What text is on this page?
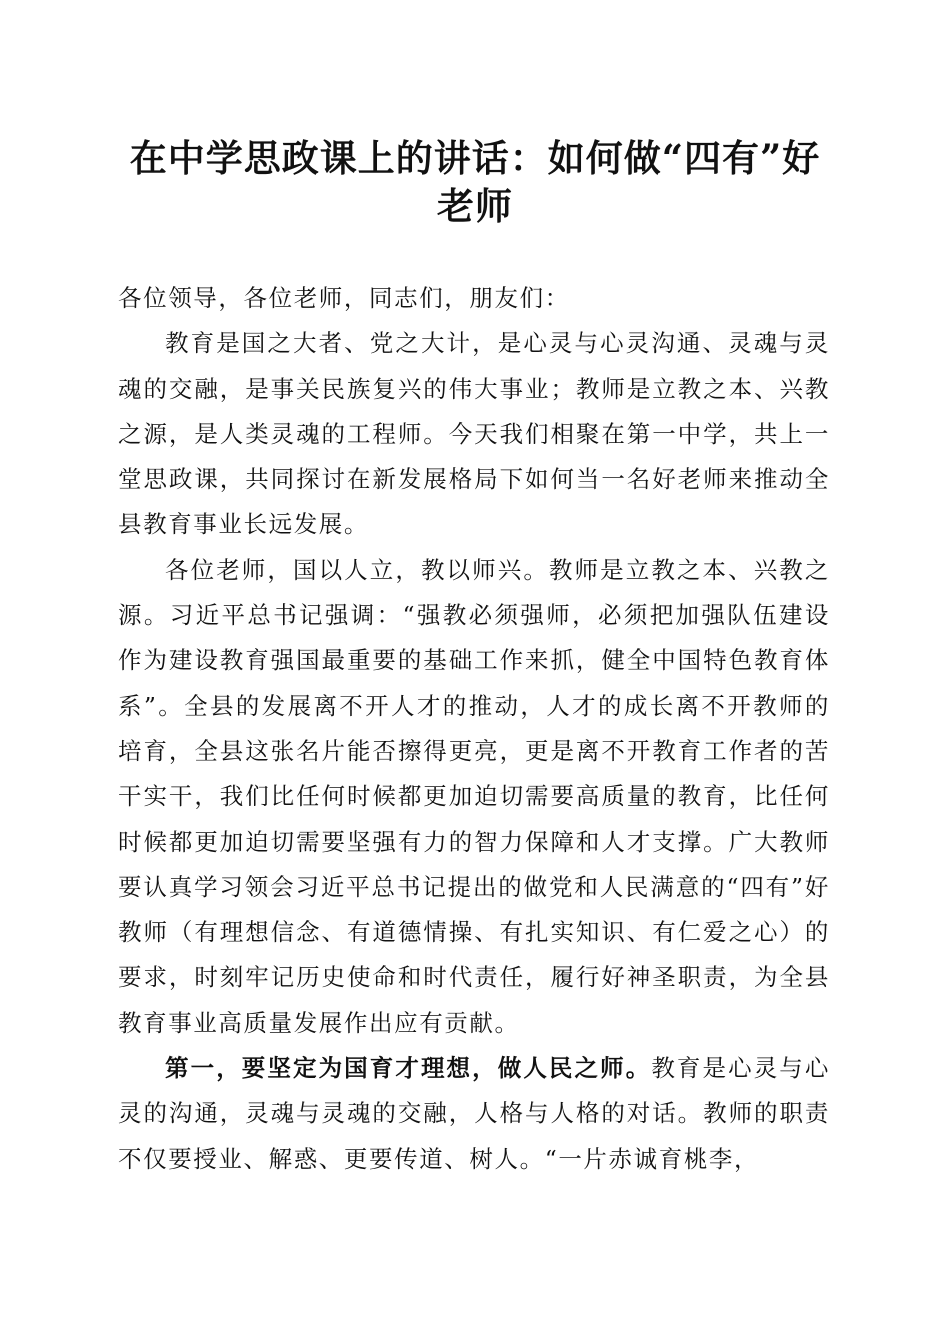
在中学思政课上的讲话：如何做“四有”好老师

各位领导，各位老师，同志们，朋友们：

教育是国之大者、党之大计，是心灵与心灵沟通、灵魂与灵魂的交融，是事关民族复兴的伟大事业；教师是立教之本、兴教之源，是人类灵魂的工程师。今天我们相聚在第一中学，共上一堂思政课，共同探讨在新发展格局下如何当一名好老师来推动全县教育事业长远发展。

各位老师，国以人立，教以师兴。教师是立教之本、兴教之源。习近平总书记强调：“强教必须强师，必须把加强队伍建设作为建设教育强国最重要的基础工作来抓，健全中国特色教育体系”。全县的发展离不开人才的推动，人才的成长离不开教师的培育，全县这张名片能否擦得更亮，更是离不开教育工作者的苦干实干，我们比任何时候都更加迫切需要高质量的教育，比任何时候都更加迫切需要坚强有力的智力保障和人才支撑。广大教师要认真学习领会习近平总书记提出的做党和人民满意的“四有”好教师（有理想信念、有道德情操、有扎实知识、有仁爱之心）的要求，时刻牢记历史使命和时代责任，履行好神圣职责，为全县教育事业高质量发展作出应有贡献。

第一，要坚定为国育才理想，做人民之师。教育是心灵与心灵的沟通，灵魂与灵魂的交融，人格与人格的对话。教师的职责不仅要授业、解惑、更要传道、树人。“一片赤诚育桃李，
